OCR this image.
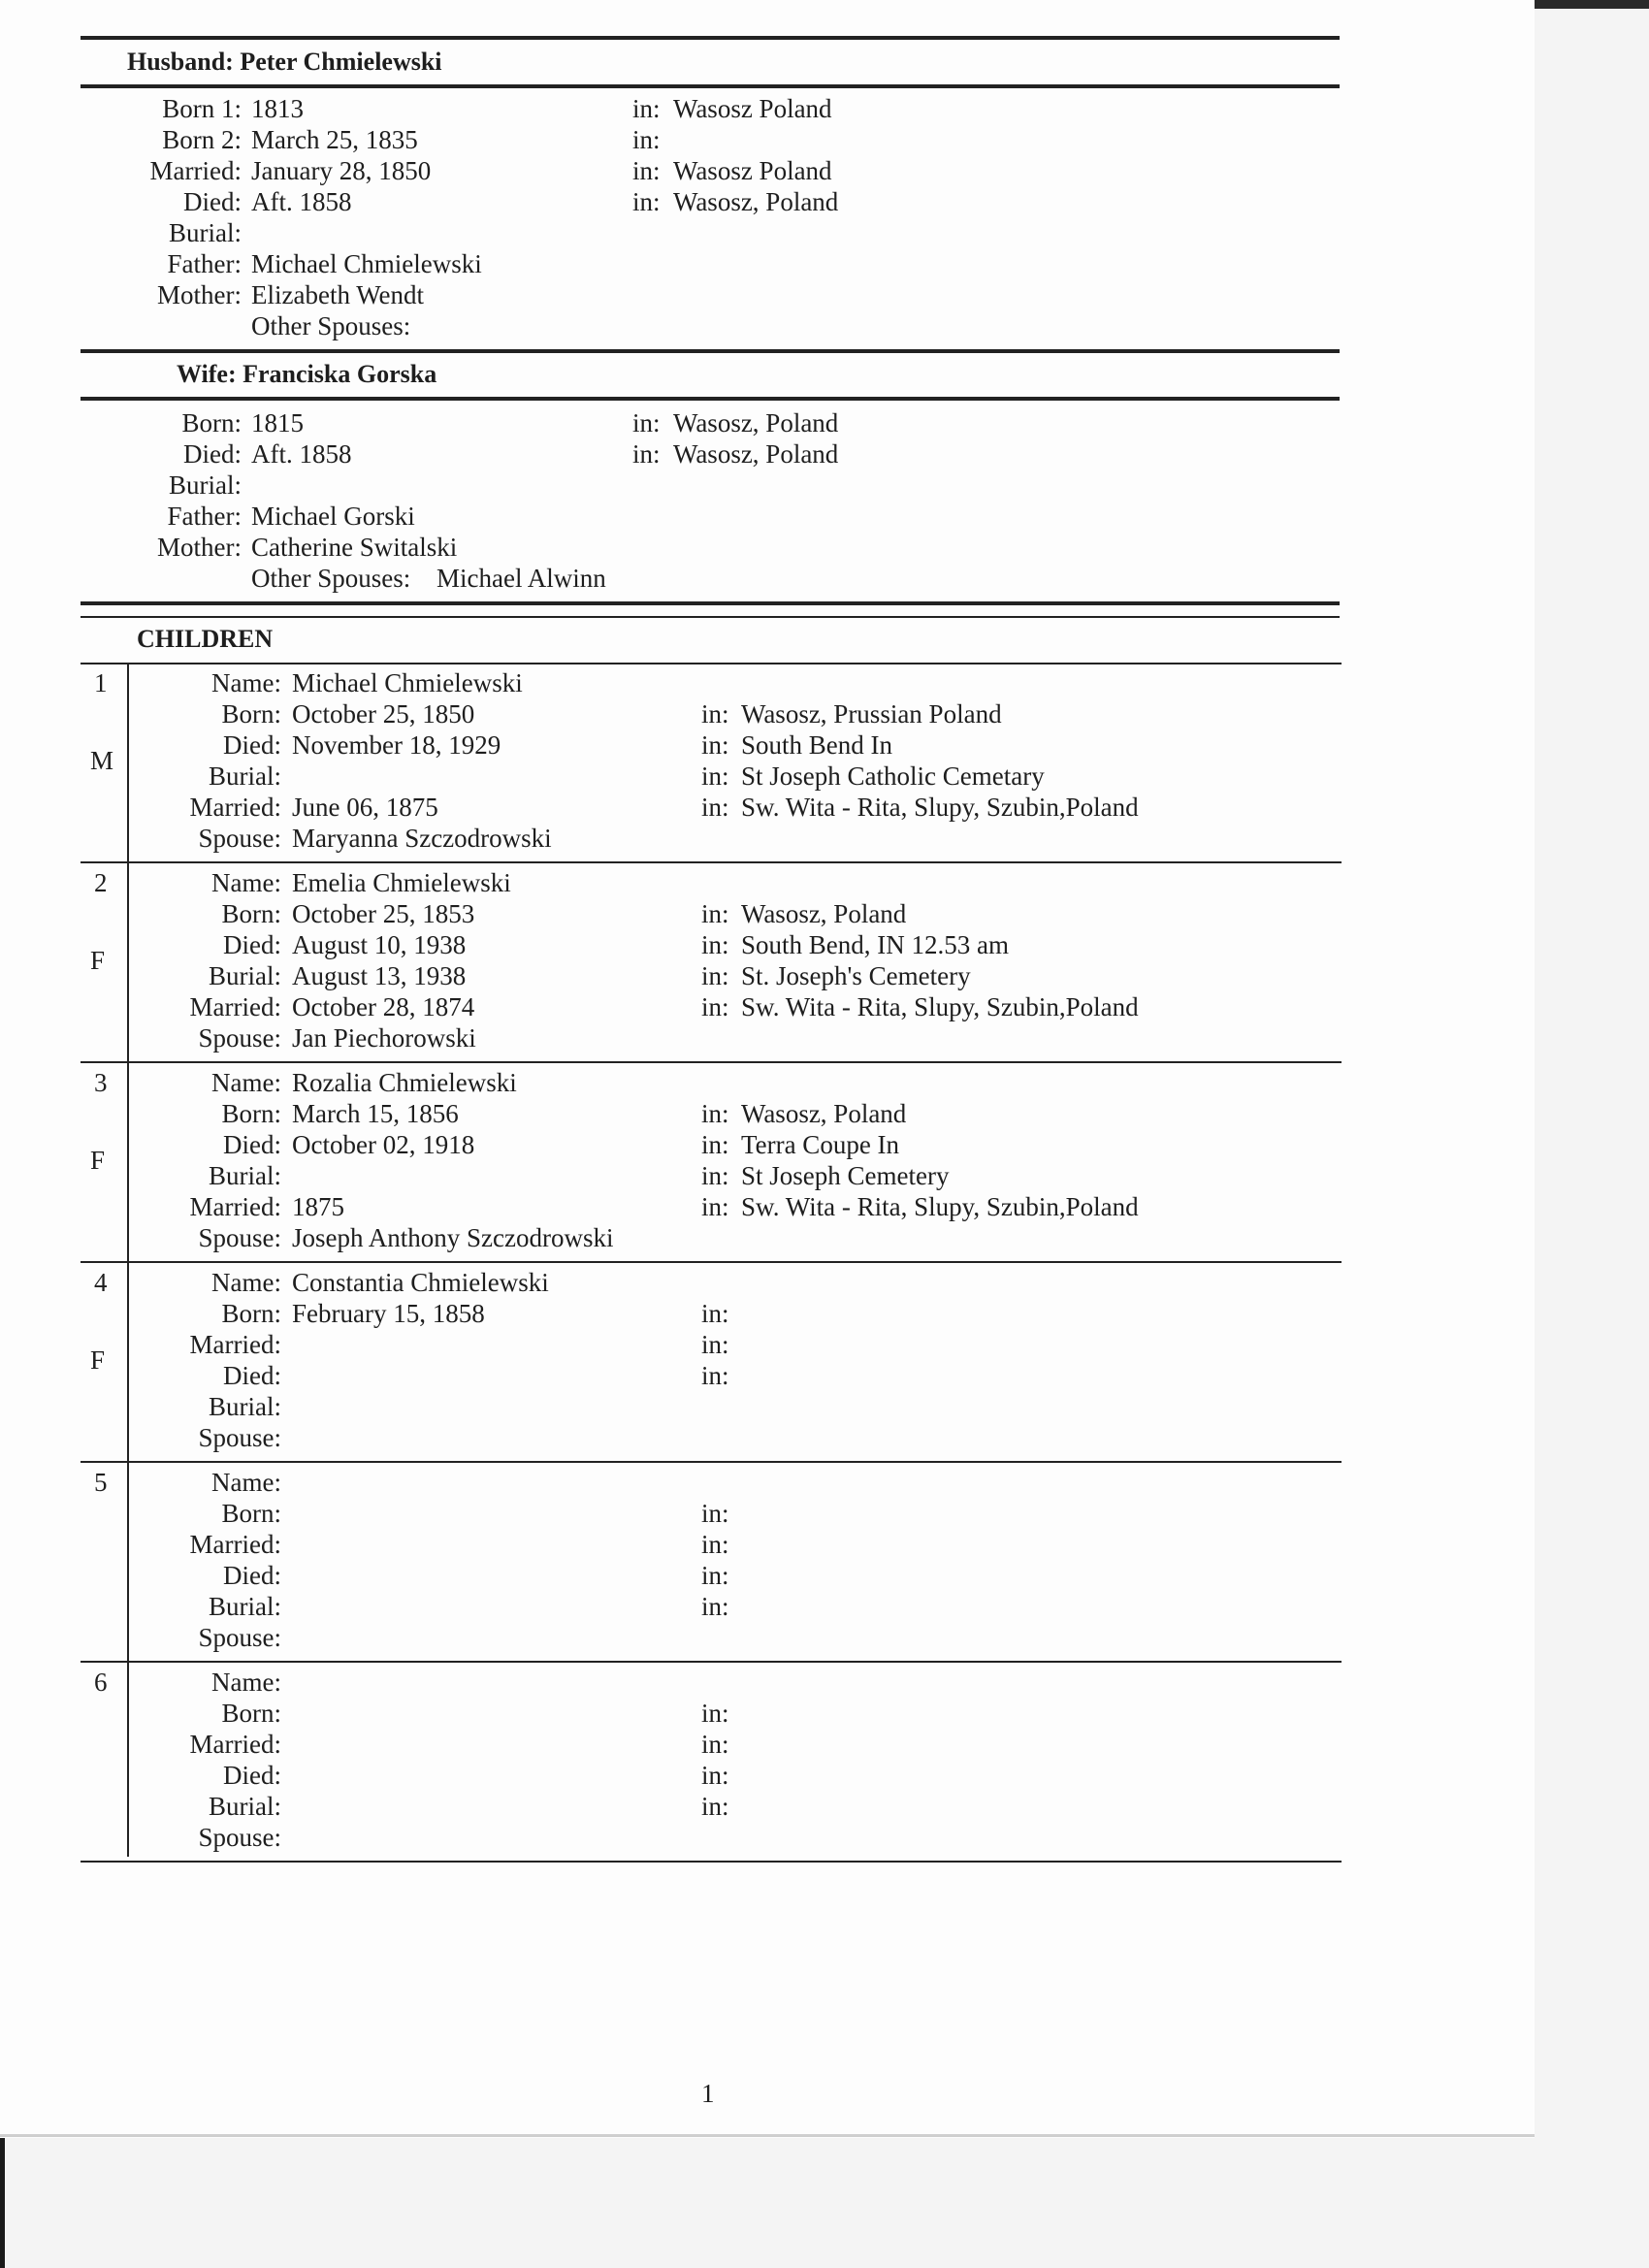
Husband: Peter Chmielewski
Born 1: 1813	in: Wasosz Poland
Born 2: March 25, 1835	in:
Married: January 28, 1850	in: Wasosz Poland
Died: Aft. 1858	in: Wasosz, Poland
Burial:
Father: Michael Chmielewski
Mother: Elizabeth Wendt
Other Spouses:
Wife: Franciska Gorska
Born: 1815	in: Wasosz, Poland
Died: Aft. 1858	in: Wasosz, Poland
Burial:
Father: Michael Gorski
Mother: Catherine Switalski
Other Spouses: Michael Alwinn
CHILDREN
1
M
Name: Michael Chmielewski
Born: October 25, 1850	in: Wasosz, Prussian Poland
Died: November 18, 1929	in: South Bend In
Burial:	in: St Joseph Catholic Cemetary
Married: June 06, 1875	in: Sw. Wita - Rita, Slupy, Szubin,Poland
Spouse: Maryanna Szczodrowski
2
F
Name: Emelia Chmielewski
Born: October 25, 1853	in: Wasosz, Poland
Died: August 10, 1938	in: South Bend, IN 12.53 am
Burial: August 13, 1938	in: St. Joseph's Cemetery
Married: October 28, 1874	in: Sw. Wita - Rita, Slupy, Szubin,Poland
Spouse: Jan Piechorowski
3
F
Name: Rozalia Chmielewski
Born: March 15, 1856	in: Wasosz, Poland
Died: October 02, 1918	in: Terra Coupe In
Burial:	in: St Joseph Cemetery
Married: 1875	in: Sw. Wita - Rita, Slupy, Szubin,Poland
Spouse: Joseph Anthony Szczodrowski
4
F
Name: Constantia Chmielewski
Born: February 15, 1858	in:
Married:	in:
Died:	in:
Burial:
Spouse:
5	Name:
Born:	in:
Married:	in:
Died:	in:
Burial:	in:
Spouse:
6	Name:
Born:	in:
Married:	in:
Died:	in:
Burial:	in:
Spouse:
1
